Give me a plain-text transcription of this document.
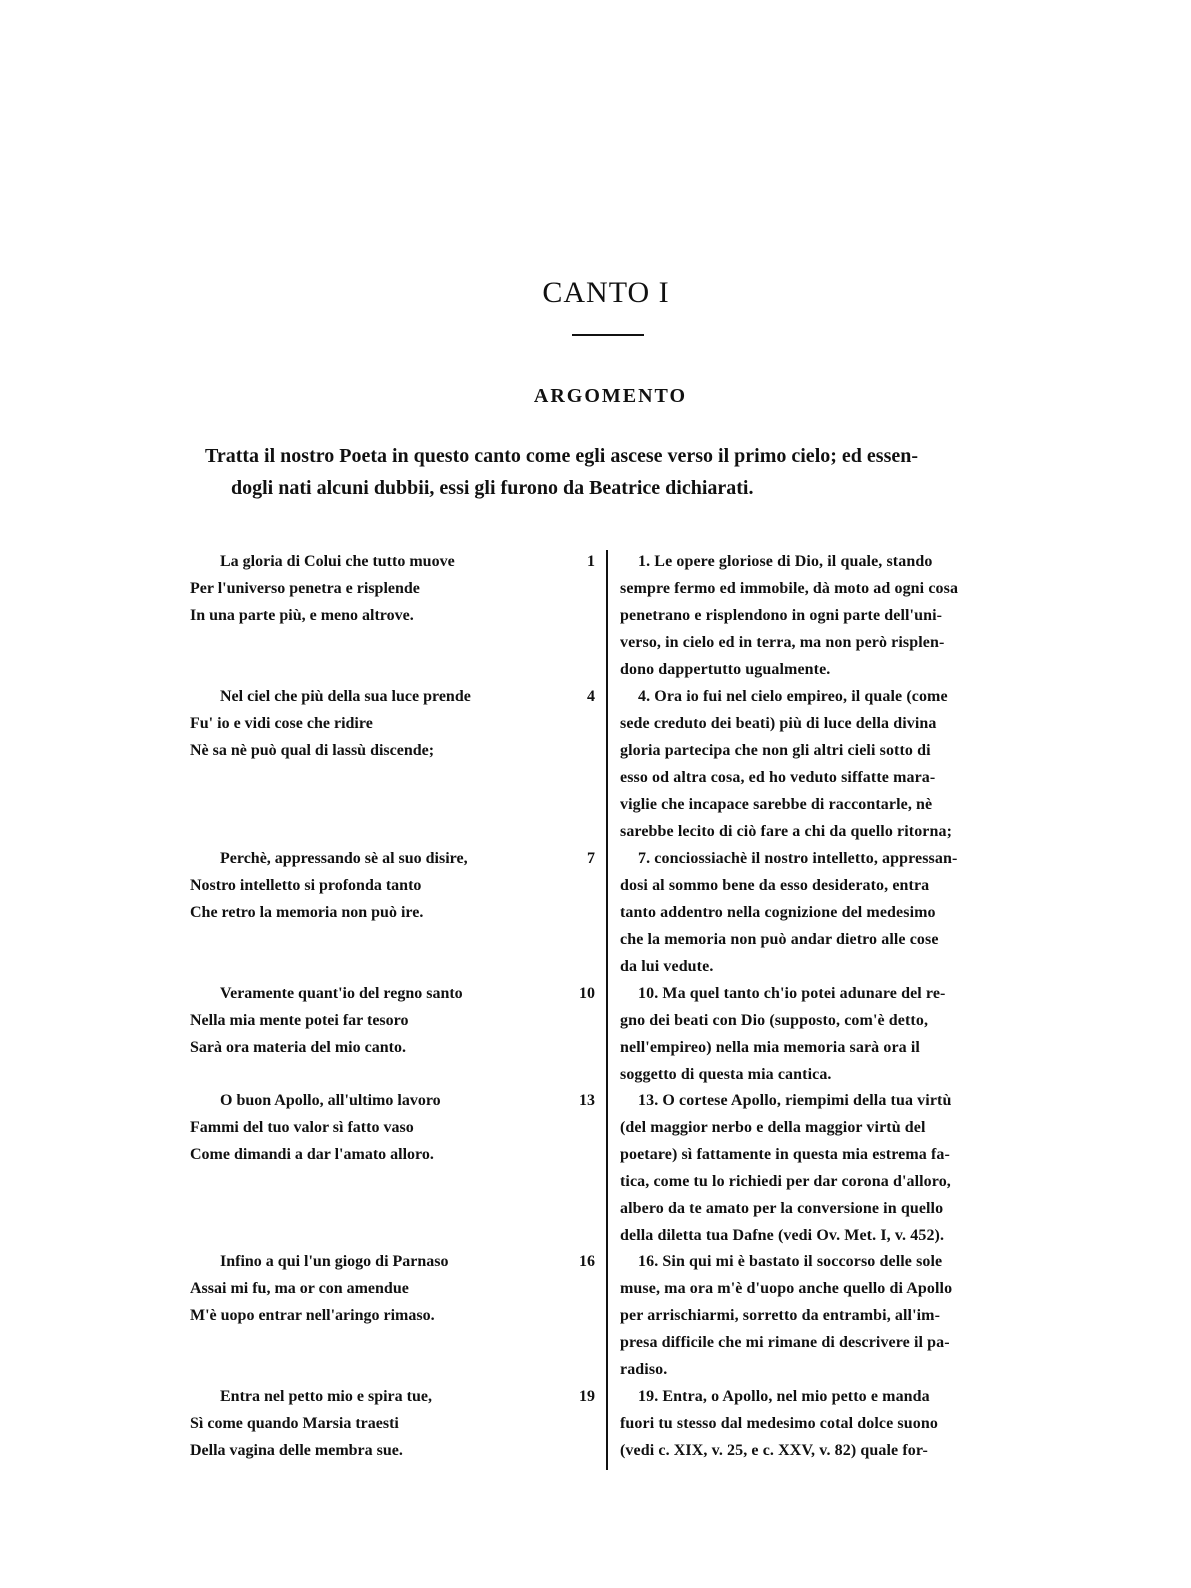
CANTO I
ARGOMENTO
Tratta il nostro Poeta in questo canto come egli ascese verso il primo cielo; ed essen-
dogli nati alcuni dubbii, essi gli furono da Beatrice dichiarati.
La gloria di Colui che tutto muove
Per l'universo penetra e risplende
In una parte più, e meno altrove.
1
Nel ciel che più della sua luce prende
Fu' io e vidi cose che ridire
Nè sa nè può qual di lassù discende;
4
Perchè, appressando sè al suo disire,
Nostro intelletto si profonda tanto
Che retro la memoria non può ire.
7
Veramente quant'io del regno santo
Nella mia mente potei far tesoro
Sarà ora materia del mio canto.
10
O buon Apollo, all'ultimo lavoro
Fammi del tuo valor sì fatto vaso
Come dimandi a dar l'amato alloro.
13
Infino a qui l'un giogo di Parnaso
Assai mi fu, ma or con amendue
M'è uopo entrar nell'aringo rimaso.
16
Entra nel petto mio e spira tue,
Sì come quando Marsia traesti
Della vagina delle membra sue.
19
1. Le opere gloriose di Dio, il quale, stando
sempre fermo ed immobile, dà moto ad ogni cosa
penetrano e risplendono in ogni parte dell'uni-
verso, in cielo ed in terra, ma non però risplen-
dono dappertutto ugualmente.
4. Ora io fui nel cielo empireo, il quale (come
sede creduto dei beati) più di luce della divina
gloria partecipa che non gli altri cieli sotto di
esso od altra cosa, ed ho veduto siffatte mara-
viglie che incapace sarebbe di raccontarle, nè
sarebbe lecito di ciò fare a chi da quello ritorna;
7. conciossiachè il nostro intelletto, appressan-
dosi al sommo bene da esso desiderato, entra
tanto addentro nella cognizione del medesimo
che la memoria non può andar dietro alle cose
da lui vedute.
10. Ma quel tanto ch'io potei adunare del re-
gno dei beati con Dio (supposto, com'è detto,
nell'empireo) nella mia memoria sarà ora il
soggetto di questa mia cantica.
13. O cortese Apollo, riempimi della tua virtù
(del maggior nerbo e della maggior virtù del
poetare) sì fattamente in questa mia estrema fa-
tica, come tu lo richiedi per dar corona d'alloro,
albero da te amato per la conversione in quello
della diletta tua Dafne (vedi Ov. Met. I, v. 452).
16. Sin qui mi è bastato il soccorso delle sole
muse, ma ora m'è d'uopo anche quello di Apollo
per arrischiarmi, sorretto da entrambi, all'im-
presa difficile che mi rimane di descrivere il pa-
radiso.
19. Entra, o Apollo, nel mio petto e manda
fuori tu stesso dal medesimo cotal dolce suono
(vedi c. XIX, v. 25, e c. XXV, v. 82) quale for-
